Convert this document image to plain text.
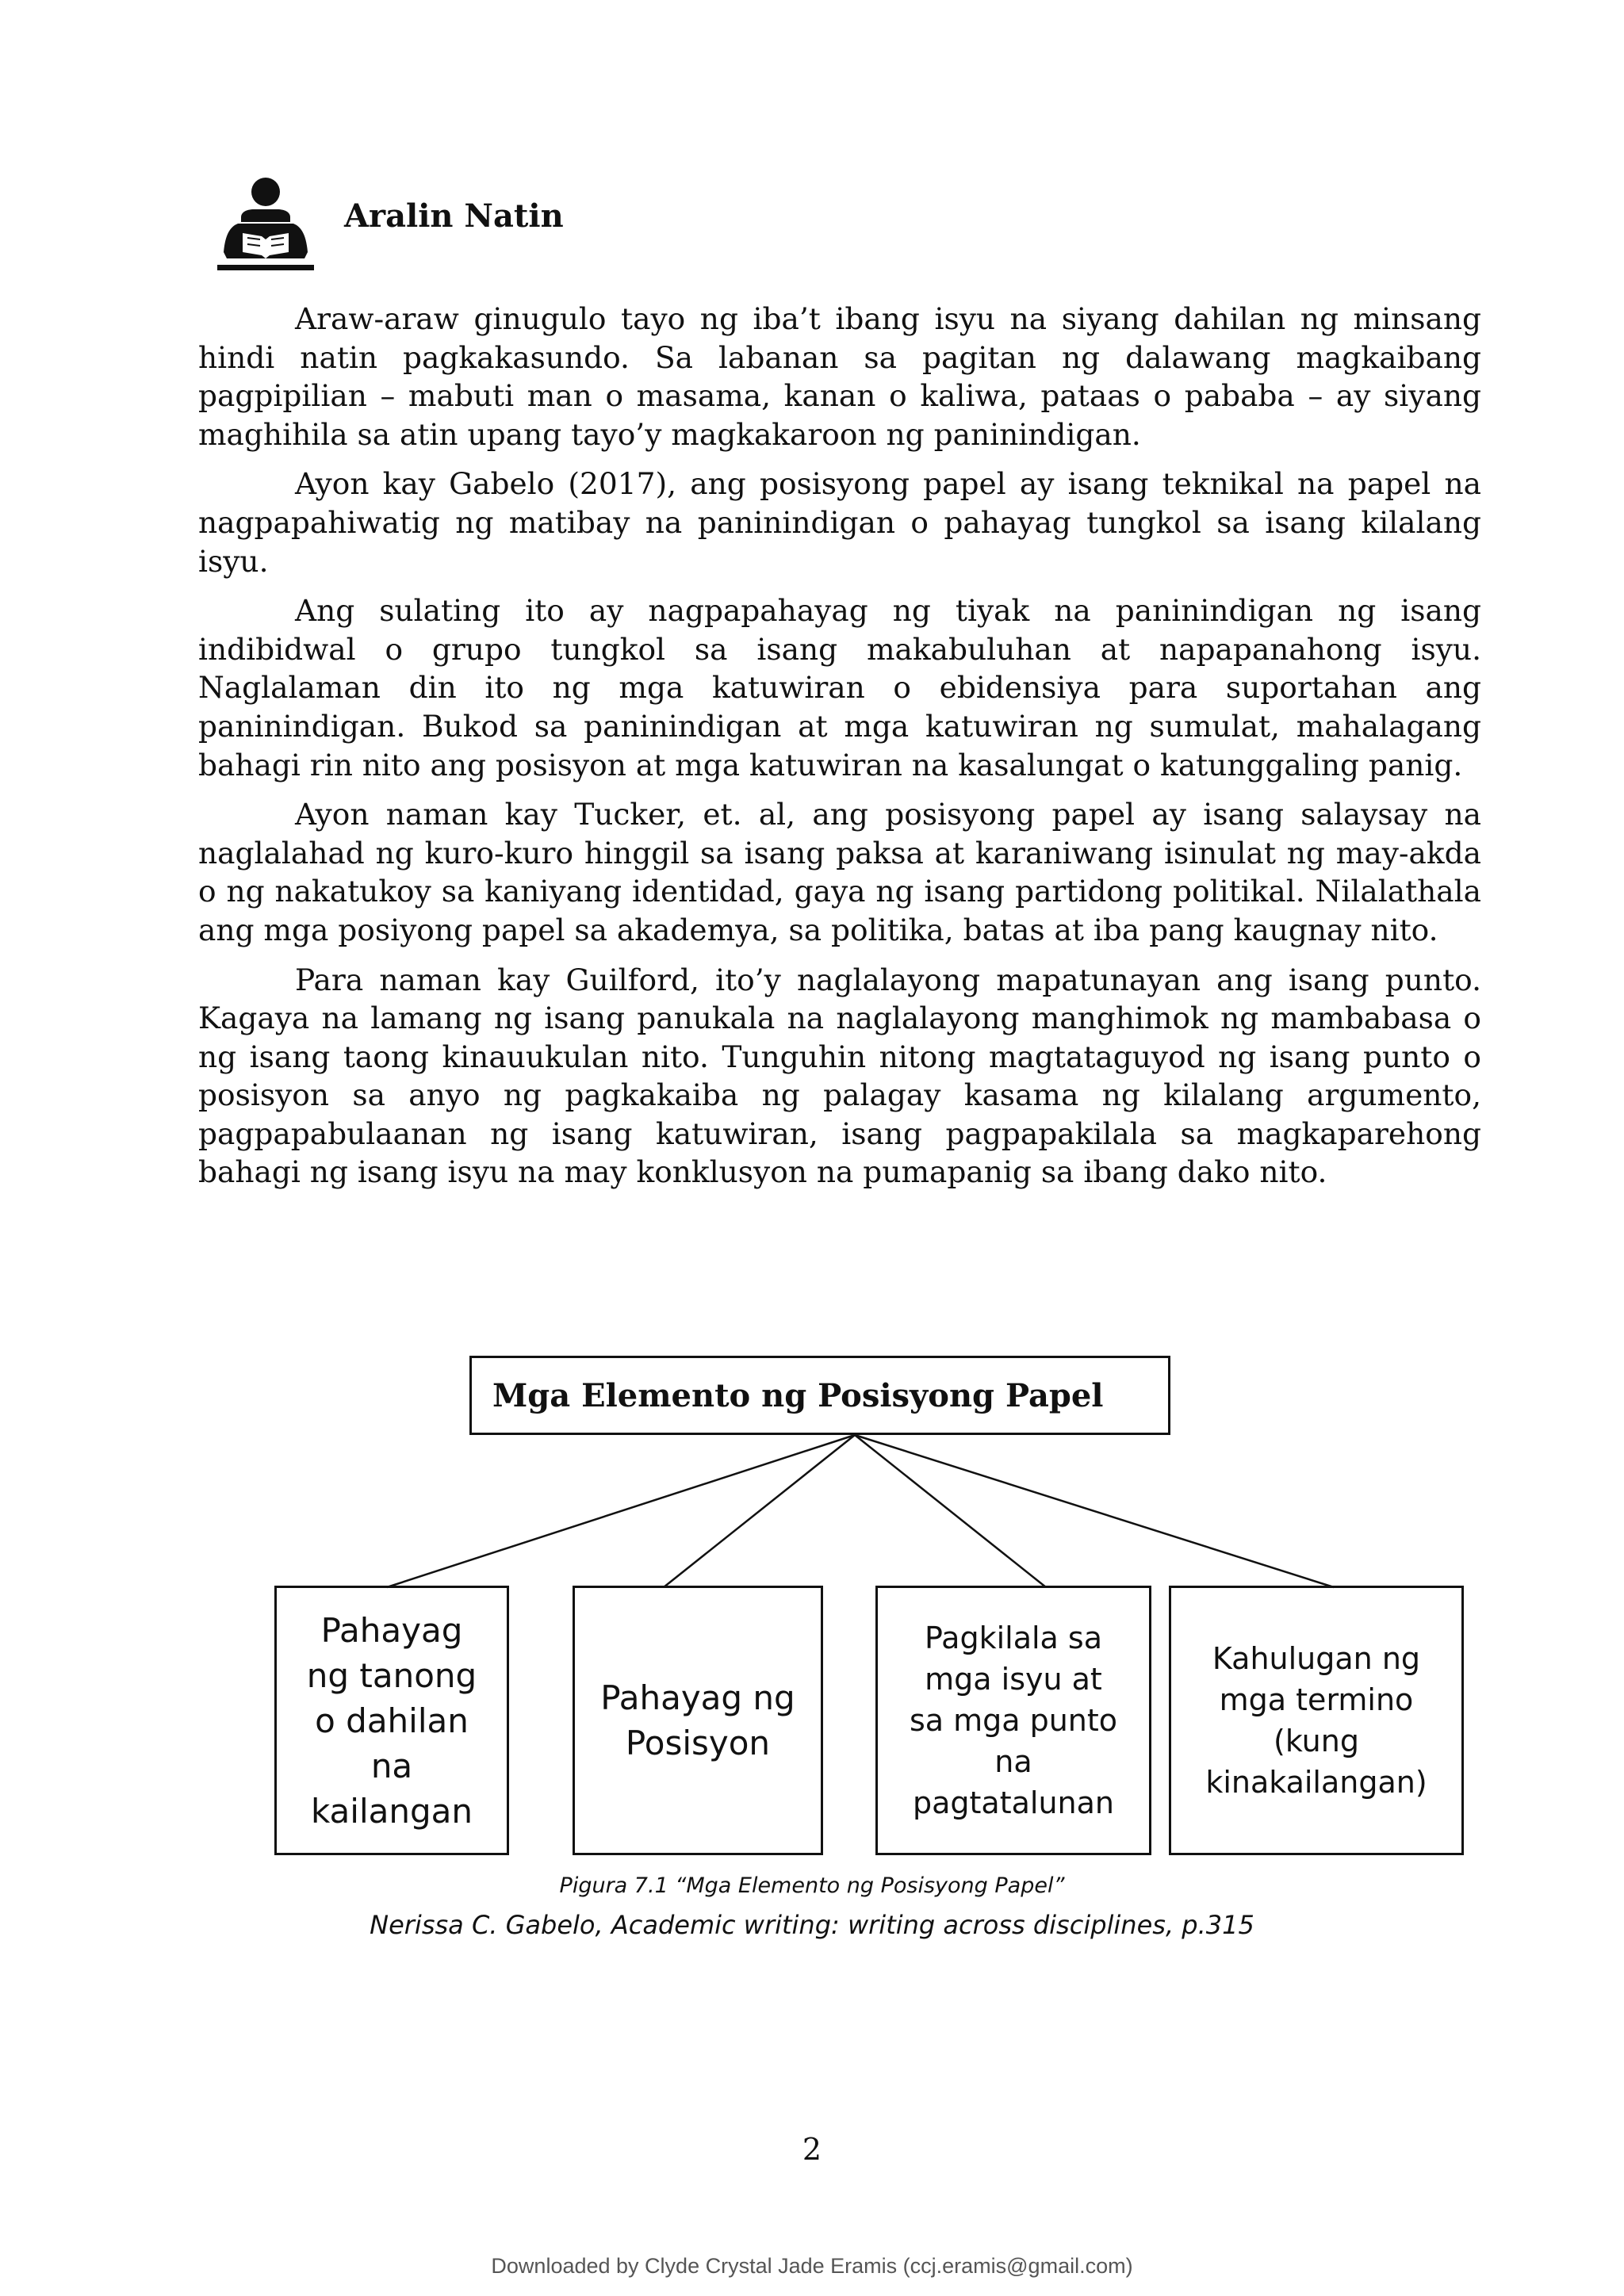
Aralin Natin

Araw-araw ginugulo tayo ng iba’t ibang isyu na siyang dahilan ng minsang hindi natin pagkakasundo. Sa labanan sa pagitan ng dalawang magkaibang pagpipilian – mabuti man o masama, kanan o kaliwa, pataas o pababa – ay siyang maghihila sa atin upang tayo’y magkakaroon ng paninindigan.

Ayon kay Gabelo (2017), ang posisyong papel ay isang teknikal na papel na nagpapahiwatig ng matibay na paninindigan o pahayag tungkol sa isang kilalang isyu.

Ang sulating ito ay nagpapahayag ng tiyak na paninindigan ng isang indibidwal o grupo tungkol sa isang makabuluhan at napapanahong isyu. Naglalaman din ito ng mga katuwiran o ebidensiya para suportahan ang paninindigan. Bukod sa paninindigan at mga katuwiran ng sumulat, mahalagang bahagi rin nito ang posisyon at mga katuwiran na kasalungat o katunggaling panig.

Ayon naman kay Tucker, et. al, ang posisyong papel ay isang salaysay na naglalahad ng kuro-kuro hinggil sa isang paksa at karaniwang isinulat ng may-akda o ng nakatukoy sa kaniyang identidad, gaya ng isang partidong politikal. Nilalathala ang mga posiyong papel sa akademya, sa politika, batas at iba pang kaugnay nito.

Para naman kay Guilford, ito’y naglalayong mapatunayan ang isang punto. Kagaya na lamang ng isang panukala na naglalayong manghimok ng mambabasa o ng isang taong kinauukulan nito. Tunguhin nitong magtataguyod ng isang punto o posisyon sa anyo ng pagkakaiba ng palagay kasama ng kilalang argumento, pagpapabulaanan ng isang katuwiran, isang pagpapakilala sa magkaparehong bahagi ng isang isyu na may konklusyon na pumapanig sa ibang dako nito.

Mga Elemento ng Posisyong Papel
Pahayag
ng tanong
o dahilan
na
kailangan
Pahayag ng
Posisyon
Pagkilala sa
mga isyu at
sa mga punto
na
pagtatalunan
Kahulugan ng
mga termino
(kung
kinakailangan)
Pigura 7.1 “Mga Elemento ng Posisyong Papel”
Nerissa C. Gabelo, Academic writing: writing across disciplines, p.315
2
Downloaded by Clyde Crystal Jade Eramis (ccj.eramis@gmail.com)
